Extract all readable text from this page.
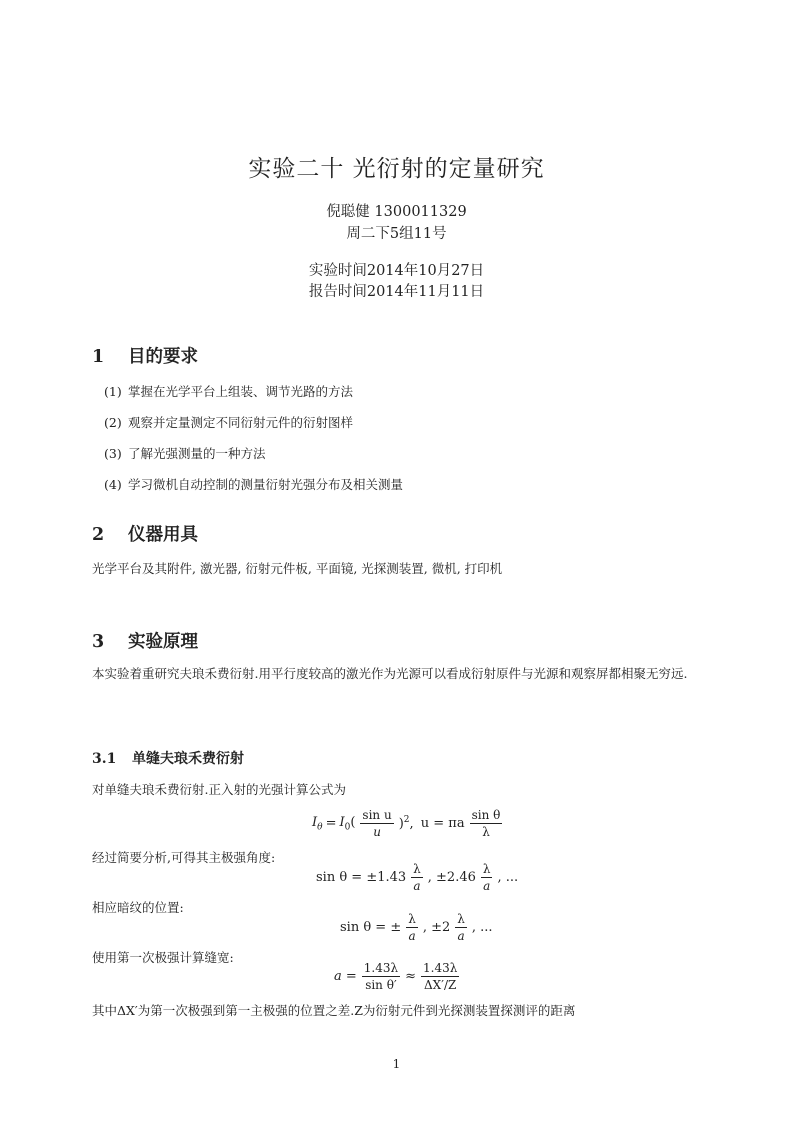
实验二十 光衍射的定量研究
倪聪健 1300011329
周二下5组11号
实验时间2014年10月27日
报告时间2014年11月11日
1 目的要求
(1) 掌握在光学平台上组装、调节光路的方法
(2) 观察并定量测定不同衍射元件的衍射图样
(3) 了解光强测量的一种方法
(4) 学习微机自动控制的测量衍射光强分布及相关测量
2 仪器用具
光学平台及其附件, 激光器, 衍射元件板, 平面镜, 光探测装置, 微机, 打印机
3 实验原理
本实验着重研究夫琅禾费衍射.用平行度较高的激光作为光源可以看成衍射原件与光源和观察屏都相聚无穷远.
3.1 单缝夫琅禾费衍射
对单缝夫琅禾费衍射.正入射的光强计算公式为
$I_\theta = I_0( \frac{\text{sin u}}{u} )^2$, u = πa $\frac{\text{sin θ}}{\lambda}$
经过简要分析,可得其主极强角度:
$\sin \theta = \pm 1.43 \frac{\lambda}{a}$ , $\pm 2.46 \frac{\lambda}{a}$ , ...
相应暗纹的位置:
sin θ = ± $\frac{\lambda}{a}$ , $\pm 2 \frac{\lambda}{a}$ , ...
使用第一次极强计算缝宽:
$a = \frac{1.43\lambda}{\text{sin θ′}} \approx \frac{1.43\lambda}{\Delta X'/Z}$
其中ΔX′为第一次极强到第一主极强的位置之差.Z为衍射元件到光探测装置探测评的距离
1
